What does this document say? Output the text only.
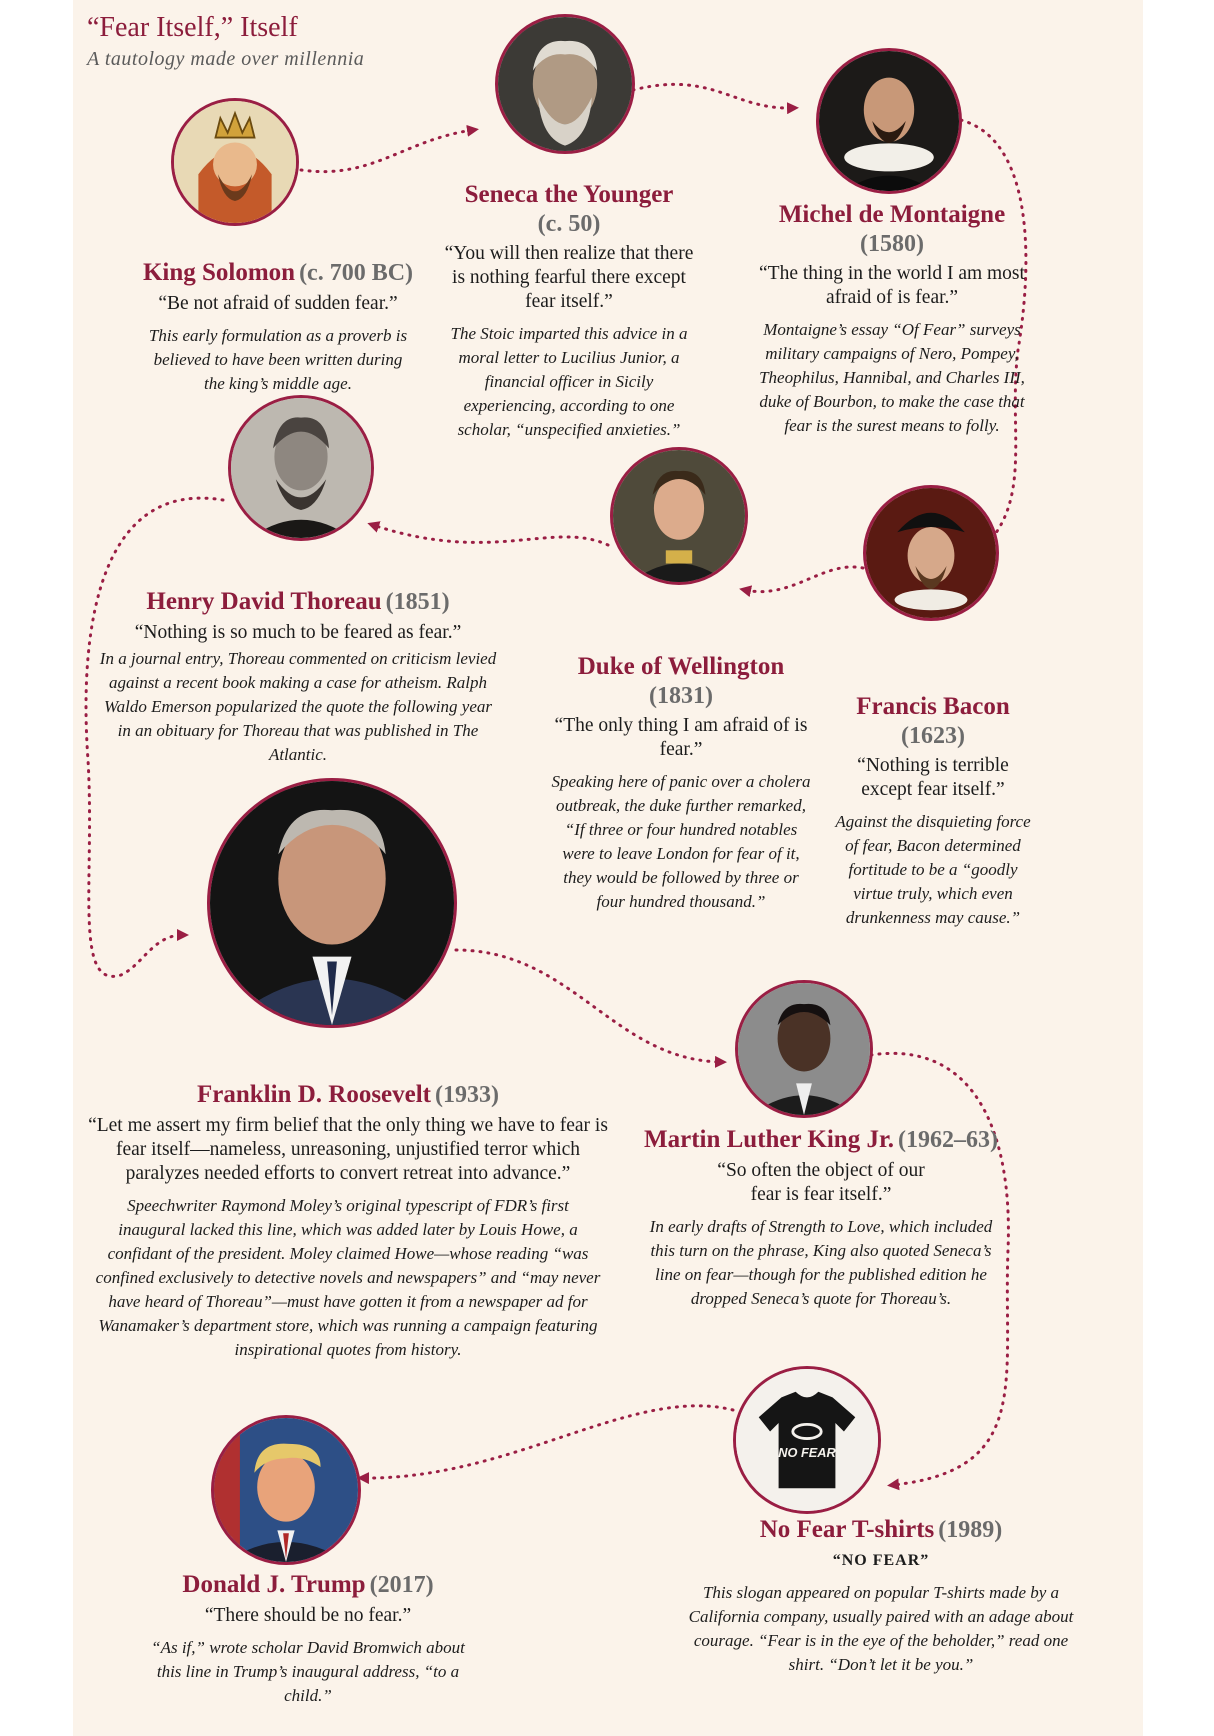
“Fear Itself,” Itself
A tautology made over millennia
NO FEAR
King Solomon (c. 700 BC)
“Be not afraid of sudden fear.”
This early formulation as a proverb is believed to have been written during the king’s middle age.
Seneca the Younger
(c. 50)
“You will then realize that there is nothing fearful there except fear itself.”
The Stoic imparted this advice in a moral letter to Lucilius Junior, a financial officer in Sicily experiencing, according to one scholar, “unspecified anxieties.”
Michel de Montaigne
(1580)
“The thing in the world I am most afraid of is fear.”
Montaigne’s essay “Of Fear” surveys military campaigns of Nero, Pompey, Theophilus, Hannibal, and Charles III, duke of Bourbon, to make the case that fear is the surest means to folly.
Henry David Thoreau (1851)
“Nothing is so much to be feared as fear.”
In a journal entry, Thoreau commented on criticism levied against a recent book making a case for atheism. Ralph Waldo Emerson popularized the quote the following year in an obituary for Thoreau that was published in The Atlantic.
Duke of Wellington
(1831)
“The only thing I am afraid of is fear.”
Speaking here of panic over a cholera outbreak, the duke further remarked, “If three or four hundred notables were to leave London for fear of it, they would be followed by three or four hundred thousand.”
Francis Bacon
(1623)
“Nothing is terrible except fear itself.”
Against the disquieting force of fear, Bacon determined fortitude to be a “goodly virtue truly, which even drunkenness may cause.”
Franklin D. Roosevelt (1933)
“Let me assert my firm belief that the only thing we have to fear is fear itself—nameless, unreasoning, unjustified terror which paralyzes needed efforts to convert retreat into advance.”
Speechwriter Raymond Moley’s original typescript of FDR’s first inaugural lacked this line, which was added later by Louis Howe, a confidant of the president. Moley claimed Howe—whose reading “was confined exclusively to detective novels and newspapers” and “may never have heard of Thoreau”—must have gotten it from a newspaper ad for Wanamaker’s department store, which was running a campaign featuring inspirational quotes from history.
Martin Luther King Jr. (1962–63)
“So often the object of our fear is fear itself.”
In early drafts of Strength to Love, which included this turn on the phrase, King also quoted Seneca’s line on fear—though for the published edition he dropped Seneca’s quote for Thoreau’s.
No Fear T-shirts (1989)
“NO FEAR”
This slogan appeared on popular T-shirts made by a California company, usually paired with an adage about courage. “Fear is in the eye of the beholder,” read one shirt. “Don’t let it be you.”
Donald J. Trump (2017)
“There should be no fear.”
“As if,” wrote scholar David Bromwich about this line in Trump’s inaugural address, “to a child.”
